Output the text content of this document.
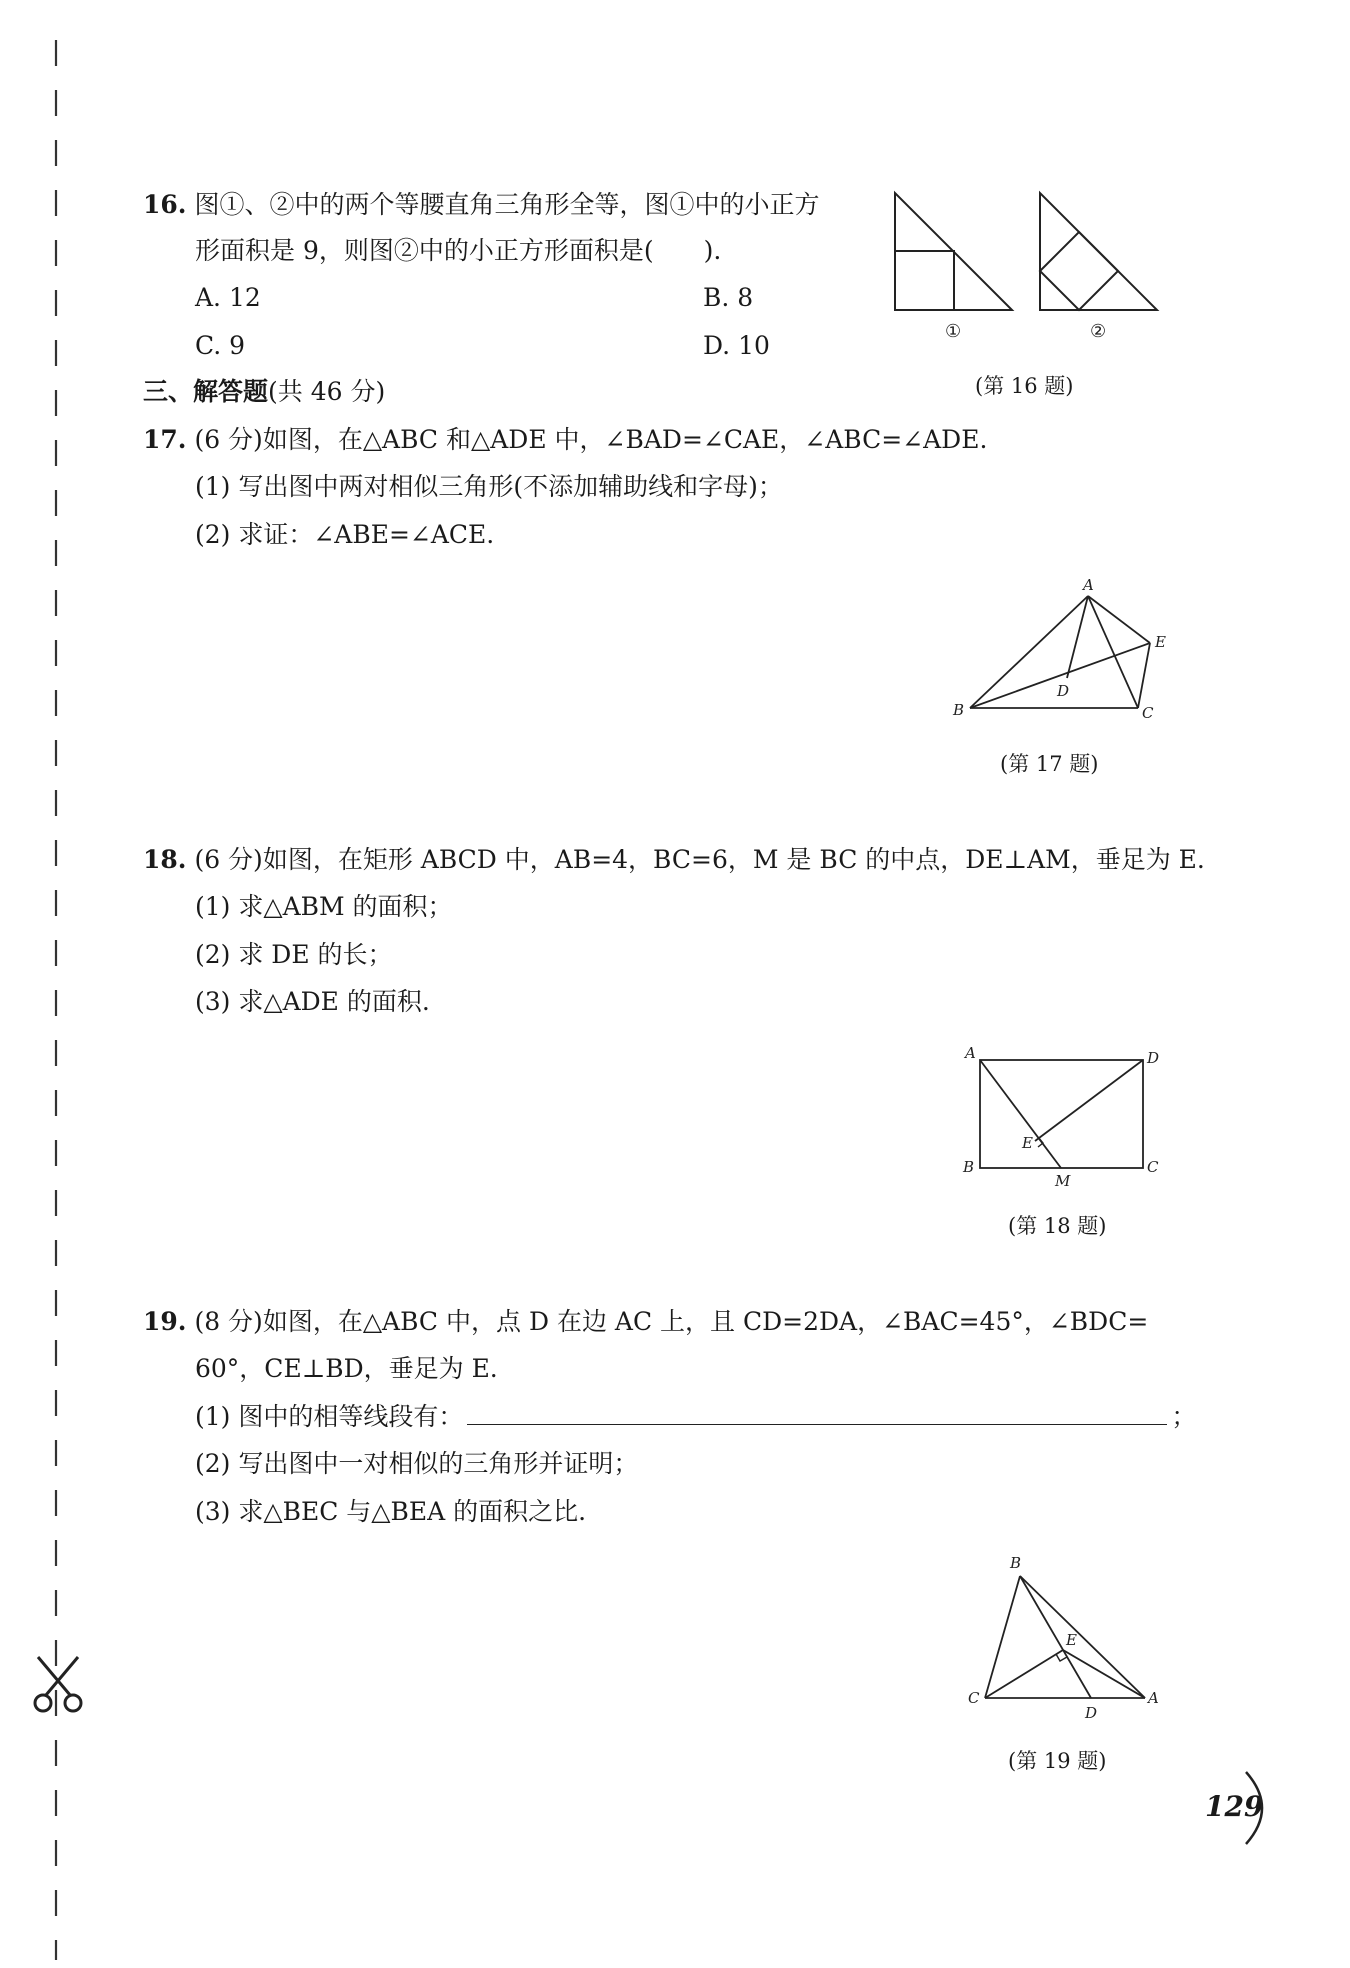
16. 图①、②中的两个等腰直角三角形全等，图①中的小正方
形面积是 9，则图②中的小正方形面积是(　　).
A. 12	B. 8
C. 9	D. 10	①	②
(第 16 题)
三、解答题(共 46 分)
17. (6 分)如图，在△ABC 和△ADE 中，∠BAD=∠CAE，∠ABC=∠ADE.
(1) 写出图中两对相似三角形(不添加辅助线和字母)；
(2) 求证：∠ABE=∠ACE.
A
B	C
D
E
(第 17 题)
18. (6 分)如图，在矩形 ABCD 中，AB=4，BC=6，M 是 BC 的中点，DE⊥AM，垂足为 E.
(1) 求△ABM 的面积；
(2) 求 DE 的长；
(3) 求△ADE 的面积.
A	D
B	C
M
E
(第 18 题)
19. (8 分)如图，在△ABC 中，点 D 在边 AC 上，且 CD=2DA，∠BAC=45°，∠BDC=
60°，CE⊥BD，垂足为 E.
(1) 图中的相等线段有：	；
(2) 写出图中一对相似的三角形并证明；
(3) 求△BEC 与△BEA 的面积之比.
B
E
C
D
A
(第 19 题)
129
